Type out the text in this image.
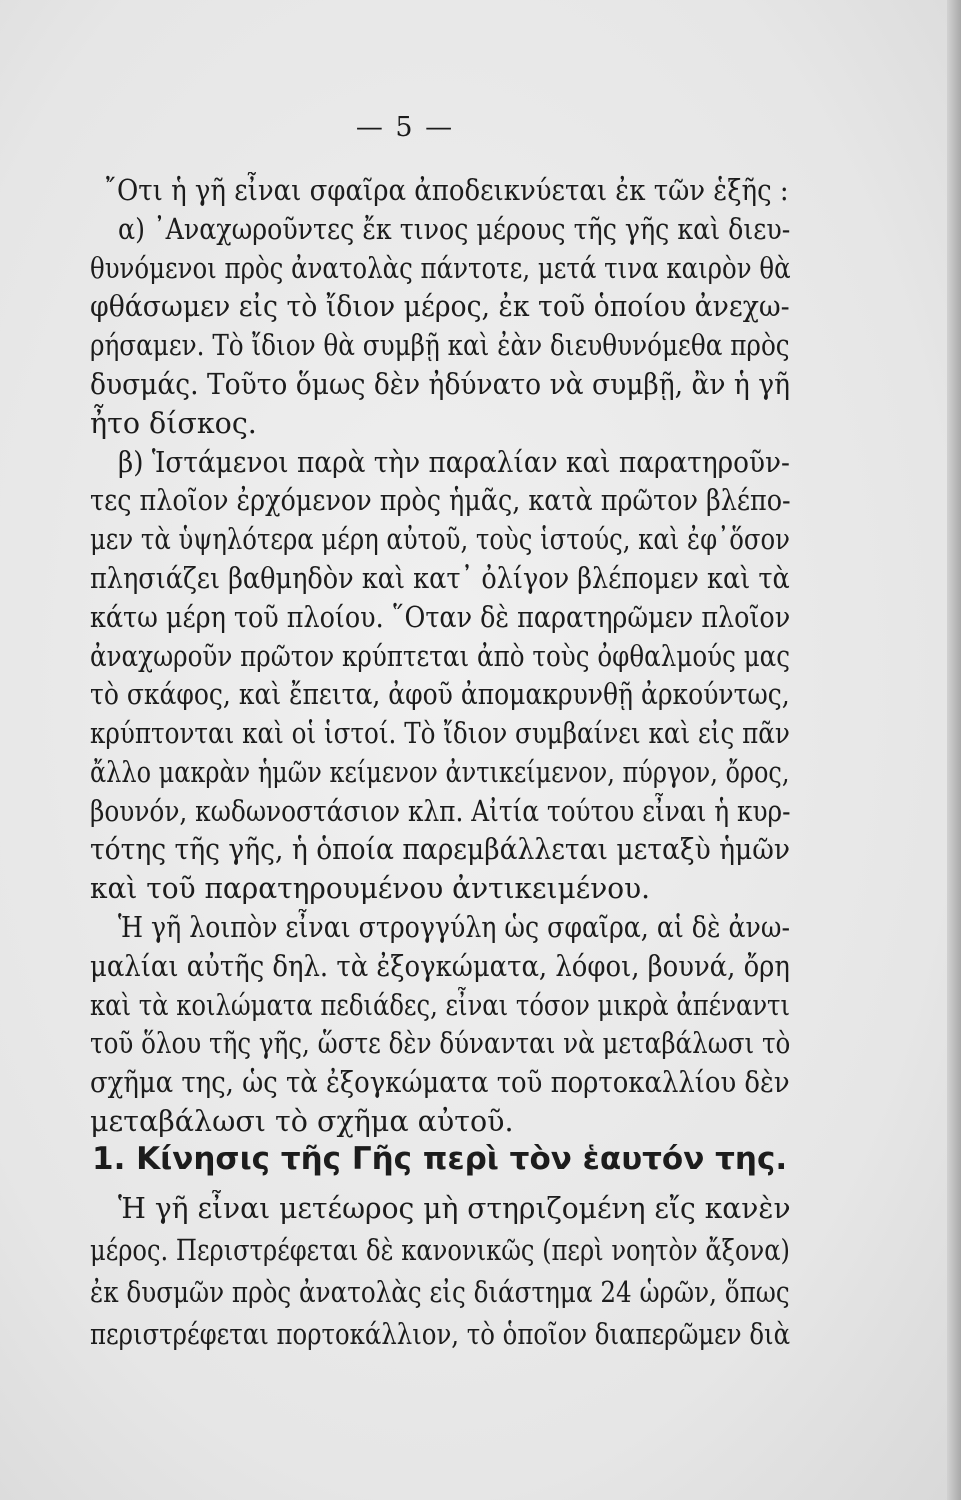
— 5 —
῎Οτι ἡ γῆ εἶναι σφαῖρα ἀποδεικνύεται ἐκ τῶν ἑξῆς :
α) ᾿Αναχωροῦντες ἔκ τινος μέρους τῆς γῆς καὶ διευ-
θυνόμενοι πρὸς ἀνατολὰς πάντοτε, μετά τινα καιρὸν θὰ
φθάσωμεν εἰς τὸ ἴδιον μέρος, ἐκ τοῦ ὁποίου ἀνεχω-
ρήσαμεν. Τὸ ἴδιον θὰ συμβῇ καὶ ἐὰν διευθυνόμεθα πρὸς
δυσμάς. Τοῦτο ὅμως δὲν ἠδύνατο νὰ συμβῇ, ἂν ἡ γῆ
ἦτο δίσκος.
β) Ἱστάμενοι παρὰ τὴν παραλίαν καὶ παρατηροῦν-
τες πλοῖον ἐρχόμενον πρὸς ἡμᾶς, κατὰ πρῶτον βλέπο-
μεν τὰ ὑψηλότερα μέρη αὐτοῦ, τοὺς ἱστούς, καὶ ἐφ᾿ὅσον
πλησιάζει βαθμηδὸν καὶ κατ᾿ ὀλίγον βλέπομεν καὶ τὰ
κάτω μέρη τοῦ πλοίου. ῞Οταν δὲ παρατηρῶμεν πλοῖον
ἀναχωροῦν πρῶτον κρύπτεται ἀπὸ τοὺς ὀφθαλμούς μας
τὸ σκάφος, καὶ ἔπειτα, ἀφοῦ ἀπομακρυνθῇ ἀρκούντως,
κρύπτονται καὶ οἱ ἱστοί. Τὸ ἴδιον συμβαίνει καὶ εἰς πᾶν
ἄλλο μακρὰν ἡμῶν κείμενον ἀντικείμενον, πύργον, ὄρος,
βουνόν, κωδωνοστάσιον κλπ. Αἰτία τούτου εἶναι ἡ κυρ-
τότης τῆς γῆς, ἡ ὁποία παρεμβάλλεται μεταξὺ ἡμῶν
καὶ τοῦ παρατηρουμένου ἀντικειμένου.
Ἡ γῆ λοιπὸν εἶναι στρογγύλη ὡς σφαῖρα, αἱ δὲ ἀνω-
μαλίαι αὐτῆς δηλ. τὰ ἐξογκώματα, λόφοι, βουνά, ὄρη
καὶ τὰ κοιλώματα πεδιάδες, εἶναι τόσον μικρὰ ἀπέναντι
τοῦ ὅλου τῆς γῆς, ὥστε δὲν δύνανται νὰ μεταβάλωσι τὸ
1. Κίνησις τῆς Γῆς περὶ τὸν ἑαυτόν της.
Ἡ γῆ εἶναι μετέωρος μὴ στηριζομένη εἴς κανὲν
μέρος. Περιστρέφεται δὲ κανονικῶς (περὶ νοητὸν ἄξονα)
ἐκ δυσμῶν πρὸς ἀνατολὰς εἰς διάστημα 24 ὡρῶν, ὅπως
περιστρέφεται πορτοκάλλιον, τὸ ὁποῖον διαπερῶμεν διὰ
σχῆμα της, ὡς τὰ ἐξογκώματα τοῦ πορτοκαλλίου δὲν
μεταβάλωσι τὸ σχῆμα αὐτοῦ.
